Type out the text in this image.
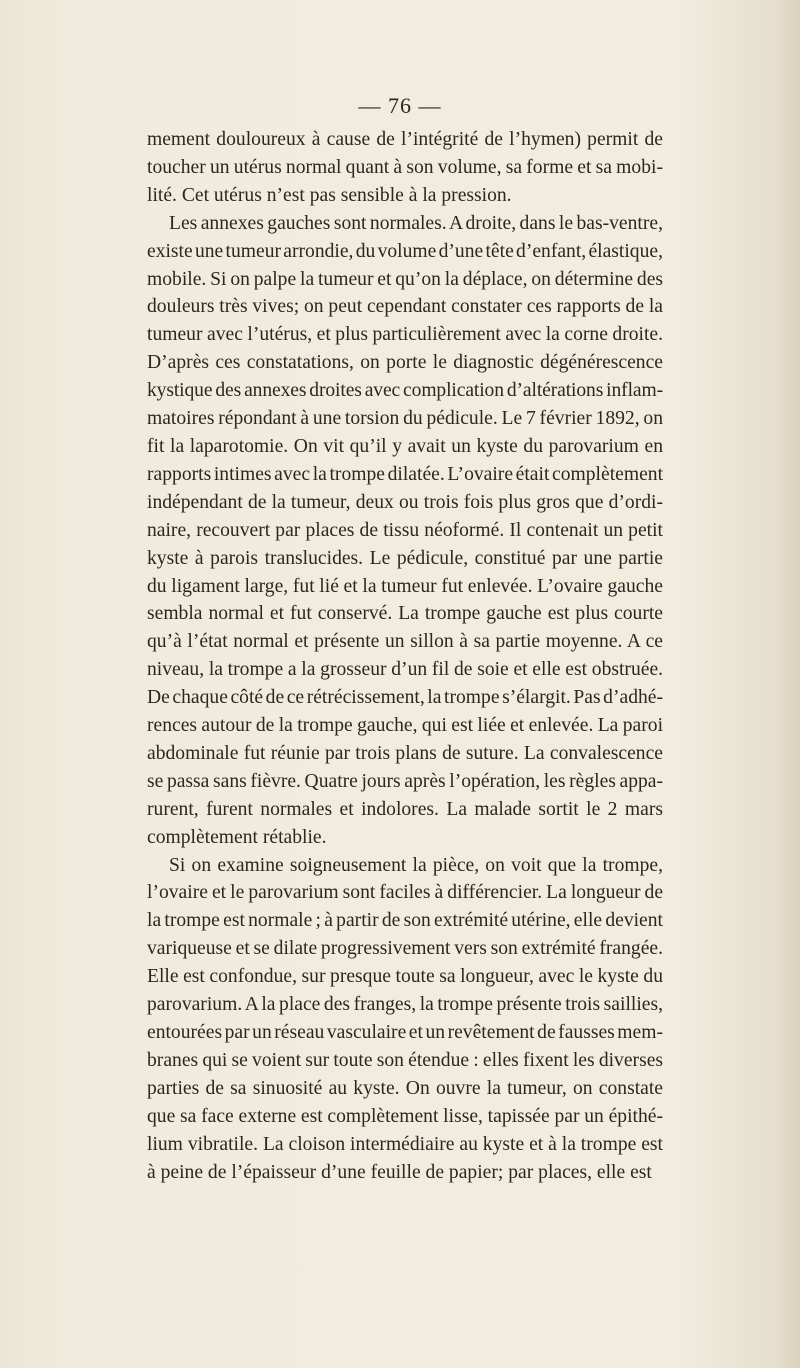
— 76 —

mement douloureux à cause de l’intégrité de l’hymen) permit de
toucher un utérus normal quant à son volume, sa forme et sa mobi-
lité. Cet utérus n’est pas sensible à la pression.

Les annexes gauches sont normales. A droite, dans le bas-ventre,
existe une tumeur arrondie, du volume d’une tête d’enfant, élastique,
mobile. Si on palpe la tumeur et qu’on la déplace, on détermine des
douleurs très vives; on peut cependant constater ces rapports de la
tumeur avec l’utérus, et plus particulièrement avec la corne droite.
D’après ces constatations, on porte le diagnostic dégénérescence
kystique des annexes droites avec complication d’altérations inflam-
matoires répondant à une torsion du pédicule. Le 7 février 1892, on
fit la laparotomie. On vit qu’il y avait un kyste du parovarium en
rapports intimes avec la trompe dilatée. L’ovaire était complètement
indépendant de la tumeur, deux ou trois fois plus gros que d’ordi-
naire, recouvert par places de tissu néoformé. Il contenait un petit
kyste à parois translucides. Le pédicule, constitué par une partie
du ligament large, fut lié et la tumeur fut enlevée. L’ovaire gauche
sembla normal et fut conservé. La trompe gauche est plus courte
qu’à l’état normal et présente un sillon à sa partie moyenne. A ce
niveau, la trompe a la grosseur d’un fil de soie et elle est obstruée.
De chaque côté de ce rétrécissement, la trompe s’élargit. Pas d’adhé-
rences autour de la trompe gauche, qui est liée et enlevée. La paroi
abdominale fut réunie par trois plans de suture. La convalescence
se passa sans fièvre. Quatre jours après l’opération, les règles appa-
rurent, furent normales et indolores. La malade sortit le 2 mars
complètement rétablie.

Si on examine soigneusement la pièce, on voit que la trompe,
l’ovaire et le parovarium sont faciles à différencier. La longueur de
la trompe est normale ; à partir de son extrémité utérine, elle devient
variqueuse et se dilate progressivement vers son extrémité frangée.
Elle est confondue, sur presque toute sa longueur, avec le kyste du
parovarium. A la place des franges, la trompe présente trois saillies,
entourées par un réseau vasculaire et un revêtement de fausses mem-
branes qui se voient sur toute son étendue : elles fixent les diverses
parties de sa sinuosité au kyste. On ouvre la tumeur, on constate
que sa face externe est complètement lisse, tapissée par un épithé-
lium vibratile. La cloison intermédiaire au kyste et à la trompe est
à peine de l’épaisseur d’une feuille de papier; par places, elle est
